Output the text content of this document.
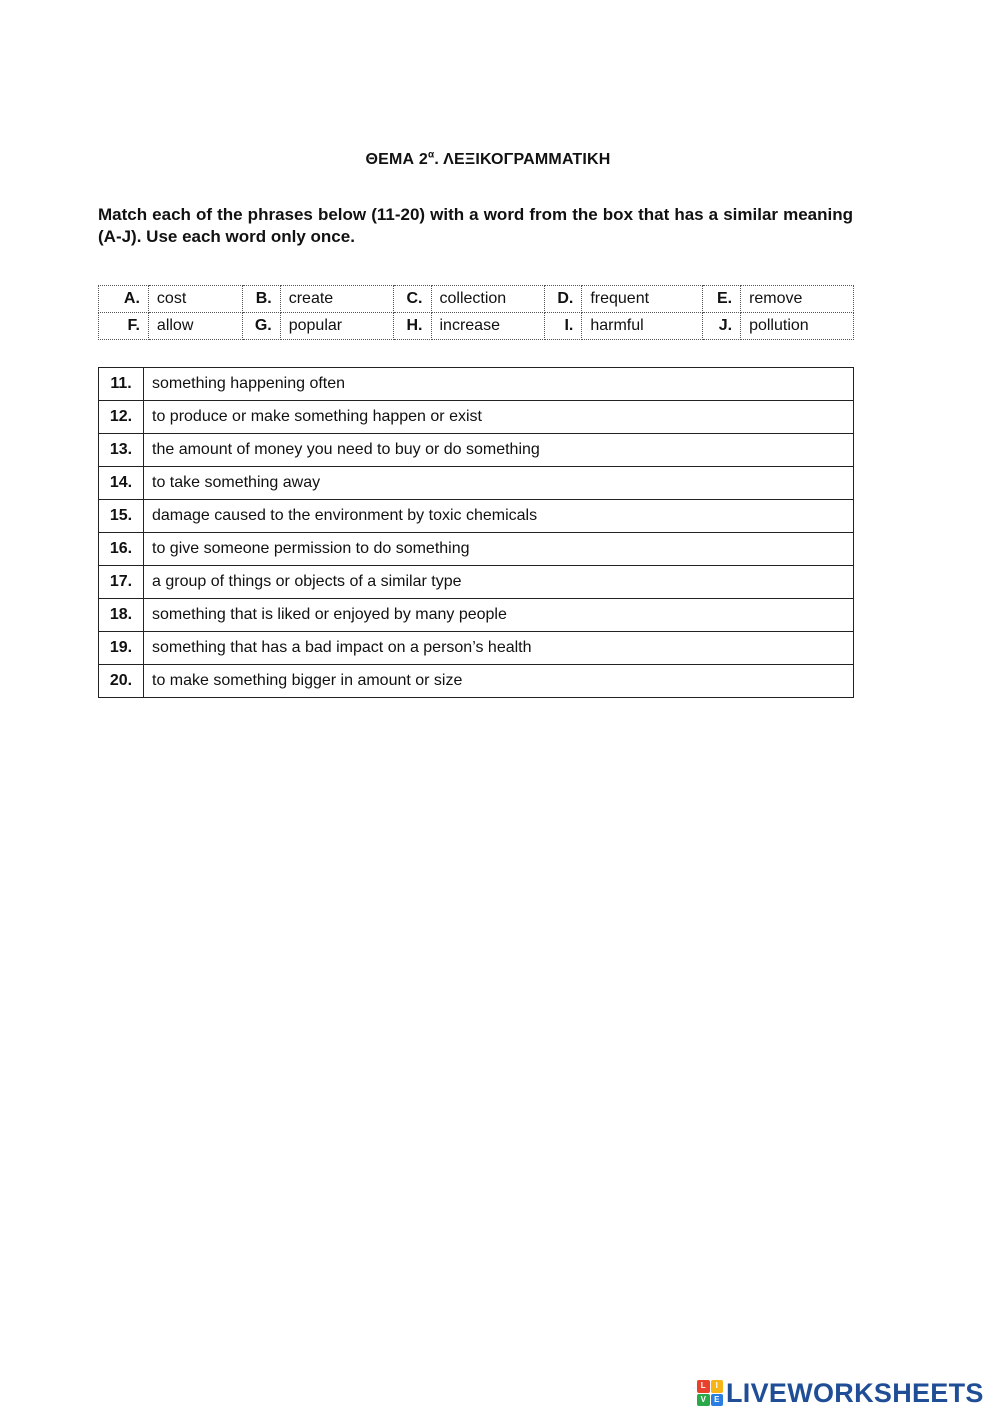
ΘΕΜΑ $2^\alpha$. ΛΕΞΙΚΟΓΡΑΜΜΑΤΙΚΗ
Match each of the phrases below (11-20) with a word from the box that has a similar meaning (A-J). Use each word only once.
A.	cost	B.	create	C.	collection	D.	frequent	E.	remove
F.	allow	G.	popular	H.	increase	I.	harmful	J.	pollution
11.	something happening often
12.	to produce or make something happen or exist
13.	the amount of money you need to buy or do something
14.	to take something away
15.	damage caused to the environment by toxic chemicals
16.	to give someone permission to do something
17.	a group of things or objects of a similar type
18.	something that is liked or enjoyed by many people
19.	something that has a bad impact on a person’s health
20.	to make something bigger in amount or size
L	I
V	E LIVEWORKSHEETS
